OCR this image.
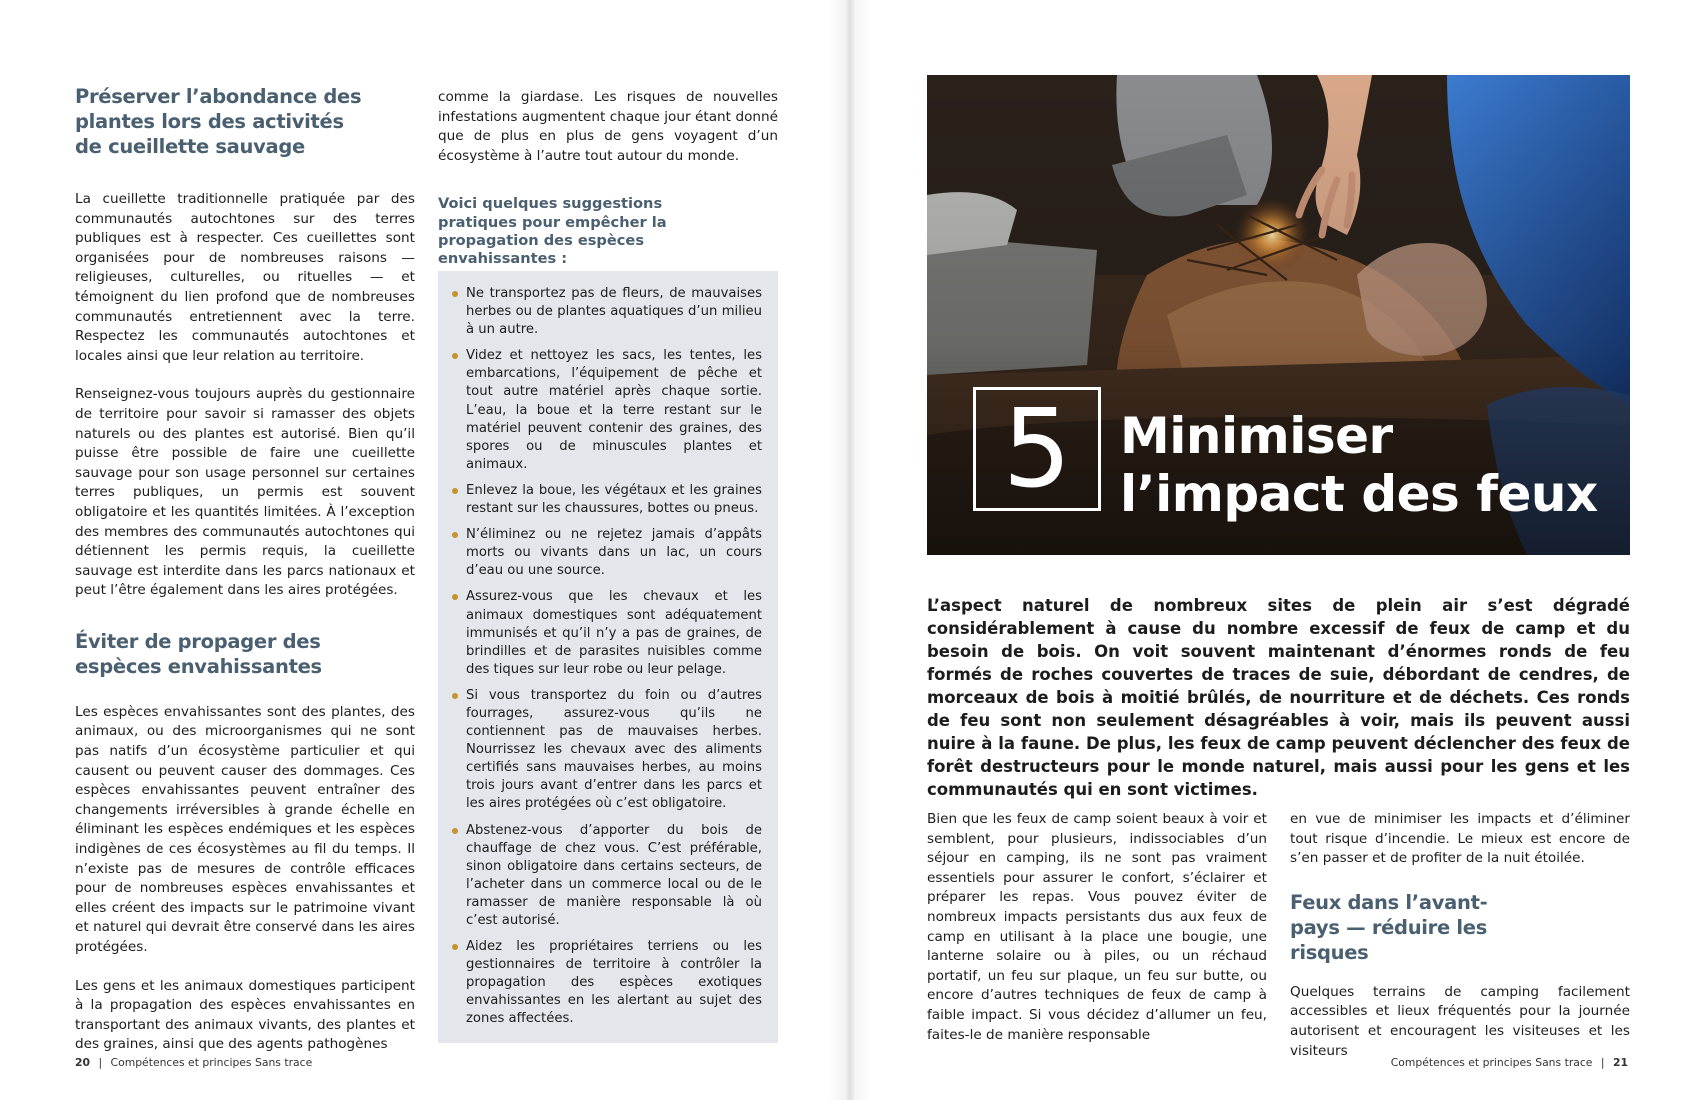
Préserver l’abondance des plantes lors des activités de cueillette sauvage

La cueillette traditionnelle pratiquée par des communautés autochtones sur des terres publiques est à respecter. Ces cueillettes sont organisées pour de nombreuses raisons — religieuses, culturelles, ou rituelles — et témoignent du lien profond que de nombreuses communautés entretiennent avec la terre. Respectez les communautés autochtones et locales ainsi que leur relation au territoire.

Renseignez-vous toujours auprès du gestionnaire de territoire pour savoir si ramasser des objets naturels ou des plantes est autorisé. Bien qu’il puisse être possible de faire une cueillette sauvage pour son usage personnel sur certaines terres publiques, un permis est souvent obligatoire et les quantités limitées. À l’exception des membres des communautés autochtones qui détiennent les permis requis, la cueillette sauvage est interdite dans les parcs nationaux et peut l’être également dans les aires protégées.

Éviter de propager des espèces envahissantes

Les espèces envahissantes sont des plantes, des animaux, ou des microorganismes qui ne sont pas natifs d’un écosystème particulier et qui causent ou peuvent causer des dommages. Ces espèces envahissantes peuvent entraîner des changements irréversibles à grande échelle en éliminant les espèces endémiques et les espèces indigènes de ces écosystèmes au fil du temps. Il n’existe pas de mesures de contrôle efficaces pour de nombreuses espèces envahissantes et elles créent des impacts sur le patrimoine vivant et naturel qui devrait être conservé dans les aires protégées.

Les gens et les animaux domestiques participent à la propagation des espèces envahissantes en transportant des animaux vivants, des plantes et des graines, ainsi que des agents pathogènes

comme la giardase. Les risques de nouvelles infestations augmentent chaque jour étant donné que de plus en plus de gens voyagent d’un écosystème à l’autre tout autour du monde.
Voici quelques suggestions pratiques pour empêcher la propagation des espèces envahissantes :
Ne transportez pas de fleurs, de mauvaises herbes ou de plantes aquatiques d’un milieu à un autre.
Videz et nettoyez les sacs, les tentes, les embarcations, l’équipement de pêche et tout autre matériel après chaque sortie. L’eau, la boue et la terre restant sur le matériel peuvent contenir des graines, des spores ou de minuscules plantes et animaux.
Enlevez la boue, les végétaux et les graines restant sur les chaussures, bottes ou pneus.
N’éliminez ou ne rejetez jamais d’appâts morts ou vivants dans un lac, un cours d’eau ou une source.
Assurez-vous que les chevaux et les animaux domestiques sont adéquatement immunisés et qu’il n’y a pas de graines, de brindilles et de parasites nuisibles comme des tiques sur leur robe ou leur pelage.
Si vous transportez du foin ou d’autres fourrages, assurez-vous qu’ils ne contiennent pas de mauvaises herbes. Nourrissez les chevaux avec des aliments certifiés sans mauvaises herbes, au moins trois jours avant d’entrer dans les parcs et les aires protégées où c’est obligatoire.
Abstenez-vous d’apporter du bois de chauffage de chez vous. C’est préférable, sinon obligatoire dans certains secteurs, de l’acheter dans un commerce local ou de le ramasser de manière responsable là où c’est autorisé.
Aidez les propriétaires terriens ou les gestionnaires de territoire à contrôler la propagation des espèces exotiques envahissantes en les alertant au sujet des zones affectées.
20 | Compétences et principes Sans trace
5 Minimiser
l’impact des feux
L’aspect naturel de nombreux sites de plein air s’est dégradé considérablement à cause du nombre excessif de feux de camp et du besoin de bois. On voit souvent maintenant d’énormes ronds de feu formés de roches couvertes de traces de suie, débordant de cendres, de morceaux de bois à moitié brûlés, de nourriture et de déchets. Ces ronds de feu sont non seulement désagréables à voir, mais ils peuvent aussi nuire à la faune. De plus, les feux de camp peuvent déclencher des feux de forêt destructeurs pour le monde naturel, mais aussi pour les gens et les communautés qui en sont victimes.

Bien que les feux de camp soient beaux à voir et semblent, pour plusieurs, indissociables d’un séjour en camping, ils ne sont pas vraiment essentiels pour assurer le confort, s’éclairer et préparer les repas. Vous pouvez éviter de nombreux impacts persistants dus aux feux de camp en utilisant à la place une bougie, une lanterne solaire ou à piles, ou un réchaud portatif, un feu sur plaque, un feu sur butte, ou encore d’autres techniques de feux de camp à faible impact. Si vous décidez d’allumer un feu, faites-le de manière responsable

en vue de minimiser les impacts et d’éliminer tout risque d’incendie. Le mieux est encore de s’en passer et de profiter de la nuit étoilée.
Feux dans l’avant-pays — réduire les risques
Quelques terrains de camping facilement accessibles et lieux fréquentés pour la journée autorisent et encouragent les visiteuses et les visiteurs
Compétences et principes Sans trace | 21
